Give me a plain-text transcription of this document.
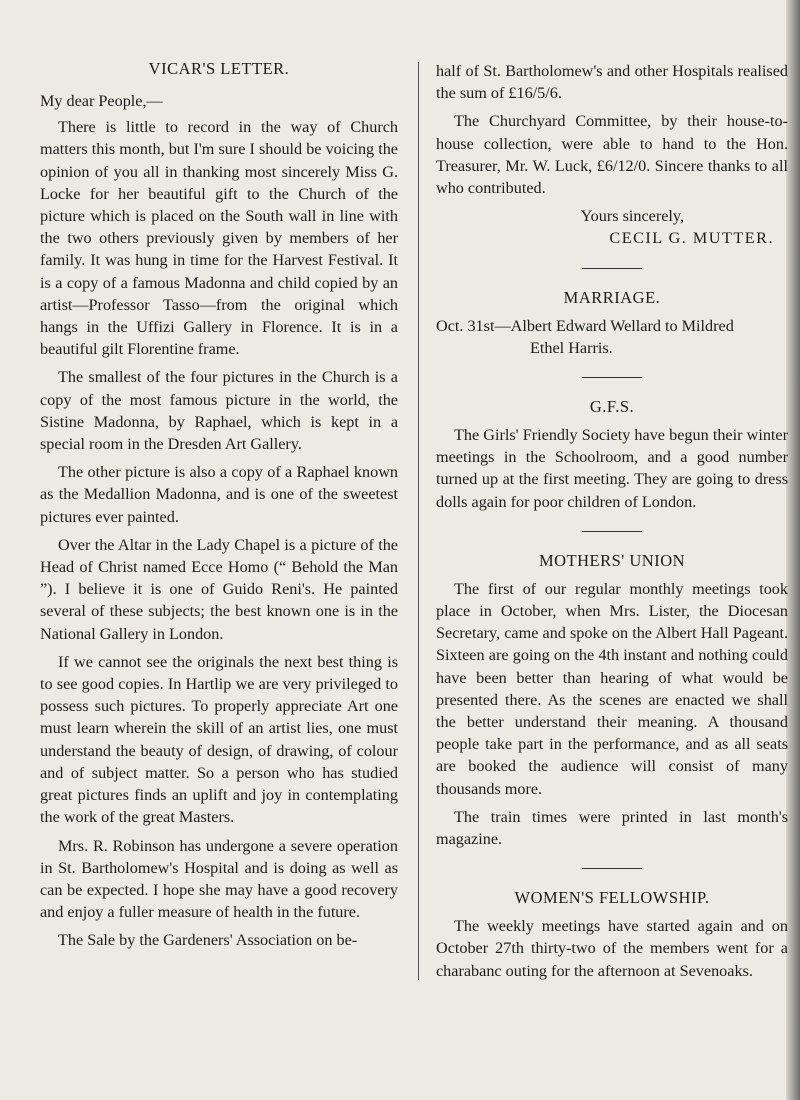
VICAR'S LETTER.

My dear People,—

There is little to record in the way of Church matters this month, but I'm sure I should be voicing the opinion of you all in thanking most sincerely Miss G. Locke for her beautiful gift to the Church of the picture which is placed on the South wall in line with the two others previously given by members of her family. It was hung in time for the Harvest Festival. It is a copy of a famous Madonna and child copied by an artist—Professor Tasso—from the original which hangs in the Uffizi Gallery in Florence. It is in a beautiful gilt Florentine frame.

The smallest of the four pictures in the Church is a copy of the most famous picture in the world, the Sistine Madonna, by Raphael, which is kept in a special room in the Dresden Art Gallery.

The other picture is also a copy of a Raphael known as the Medallion Madonna, and is one of the sweetest pictures ever painted.

Over the Altar in the Lady Chapel is a picture of the Head of Christ named Ecce Homo (“ Behold the Man ”). I believe it is one of Guido Reni's. He painted several of these subjects; the best known one is in the National Gallery in London.

If we cannot see the originals the next best thing is to see good copies. In Hartlip we are very privileged to possess such pictures. To properly appreciate Art one must learn wherein the skill of an artist lies, one must understand the beauty of design, of drawing, of colour and of subject matter. So a person who has studied great pictures finds an uplift and joy in contemplating the work of the great Masters.

Mrs. R. Robinson has undergone a severe operation in St. Bartholomew's Hospital and is doing as well as can be expected. I hope she may have a good recovery and enjoy a fuller measure of health in the future.

The Sale by the Gardeners' Association on be-

half of St. Bartholomew's and other Hospitals realised the sum of £16/5/6.

The Churchyard Committee, by their house-to-house collection, were able to hand to the Hon. Treasurer, Mr. W. Luck, £6/12/0. Sincere thanks to all who contributed.

Yours sincerely,

CECIL G. MUTTER.

MARRIAGE.

Oct. 31st—Albert Edward Wellard to Mildred

Ethel Harris.

G.F.S.

The Girls' Friendly Society have begun their winter meetings in the Schoolroom, and a good number turned up at the first meeting. They are going to dress dolls again for poor children of London.

MOTHERS' UNION

The first of our regular monthly meetings took place in October, when Mrs. Lister, the Diocesan Secretary, came and spoke on the Albert Hall Pageant. Sixteen are going on the 4th instant and nothing could have been better than hearing of what would be presented there. As the scenes are enacted we shall the better understand their meaning. A thousand people take part in the performance, and as all seats are booked the audience will consist of many thousands more.

The train times were printed in last month's magazine.

WOMEN'S FELLOWSHIP.

The weekly meetings have started again and on October 27th thirty-two of the members went for a charabanc outing for the afternoon at Sevenoaks.
